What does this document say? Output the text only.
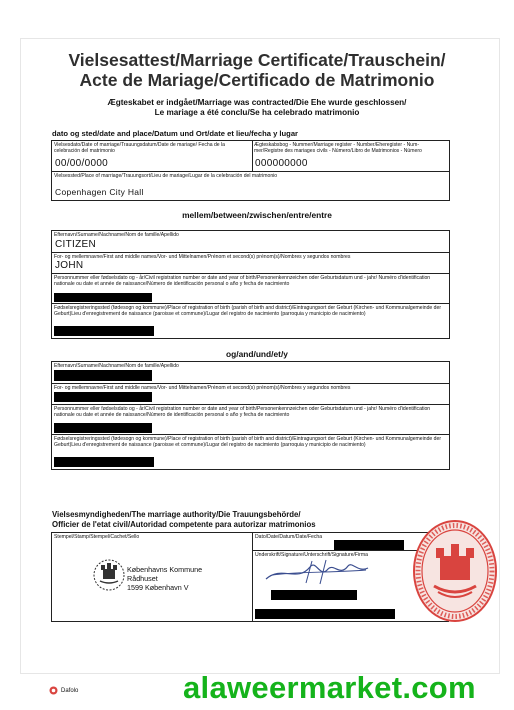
Vielsesattest/Marriage Certificate/Trauschein/
Acte de Mariage/Certificado de Matrimonio
Ægteskabet er indgået/Marriage was contracted/Die Ehe wurde geschlossen/
Le mariage a été conclu/Se ha celebrado matrimonio
dato og sted/date and place/Datum und Ort/date et lieu/fecha y lugar
Vielsesdato/Date of marriage/Trauungsdatum/Date de mariage/ Fecha de la celebración del matrimonio
00/00/0000
Ægteskabsbog - Nummer/Marriage register - Number/Eheregister - Num-mer/Registre des mariages civils - Número/Libro de Matrimonios - Número
000000000
Vielsessted/Place of marriage/Trauungsort/Lieu de mariage/Lugar de la celebración del matrimonio
Copenhagen City Hall
mellem/between/zwischen/entre/entre
Efternavn/Surname/Nachname/Nom de famille/Apellido
CITIZEN
For- og mellemnavne/First and middle names/Vor- und Mittelnamen/Prénom et second(s) prénom(s)/Nombres y segundos nombres
JOHN
Personnummer eller fødselsdato og - år/Civil registration number or date and year of birth/Personenkennzeichen oder Geburtsdatum und - jahr/ Numéro d'identification nationale ou date et année de naissance/Número de identificación personal o año y fecha de nacimiento
Fødselsregistreringssted (fødesogn og kommune)/Place of registration of birth (parish of birth and district)/Eintragungsort der Geburt (Kirchen- und Kommunalgemeinde der Geburt)Lieu d'enregistrement de naissance (paroisse et commune)/Lugar del registro de nacimiento (parroquia y municipio de nacimiento)
og/and/und/et/y
Efternavn/Surname/Nachname/Nom de famille/Apellido
For- og mellemnavne/First and middle names/Vor- und Mittelnamen/Prénom et second(s) prénom(s)/Nombres y segundos nombres
Personnummer eller fødselsdato og - år/Civil registration number or date and year of birth/Personenkennzeichen oder Geburtsdatum und - jahr/ Numéro d'identification nationale ou date et année de naissance/Número de identificación personal o año y fecha de nacimiento
Fødselsregistreringssted (fødesogn og kommune)/Place of registration of birth (parish of birth and district)/Eintragungsort der Geburt (Kirchen- und Kommunalgemeinde der Geburt)Lieu d'enregistrement de naissance (paroisse et commune)/Lugar del registro de nacimiento (parroquia y municipio de nacimiento)
Vielsesmyndigheden/The marriage authority/Die Trauungsbehörde/
Officier de l'etat civil/Autoridad competente para autorizar matrimonios
Stempel/Stamp/Stempel/Cachet/Sello	Dato/Date/Datum/Date/Fecha
Underskrift/Signature/Unterschrift/Signature/Firma
Københavns Kommune
Rådhuset
1599 København V
Dafolo	alaweermarket.com
